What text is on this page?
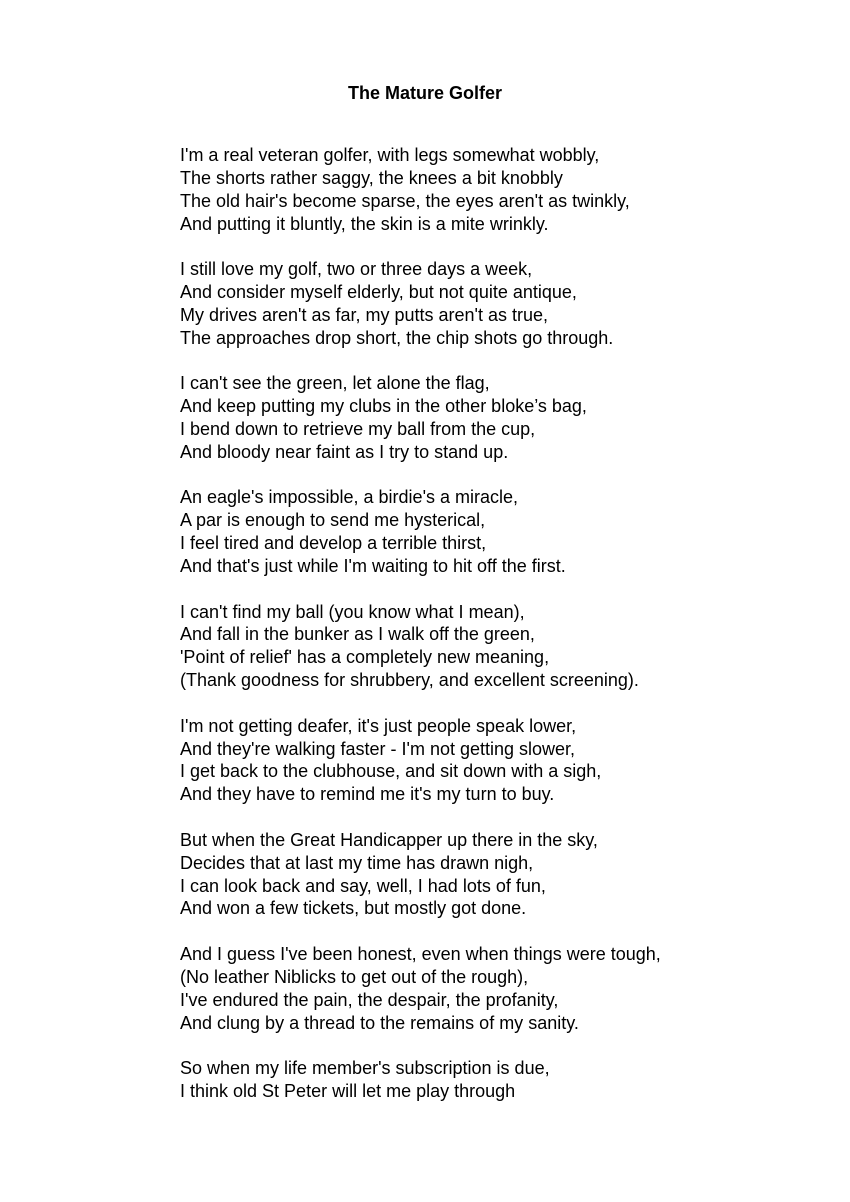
The Mature Golfer
I'm a real veteran golfer, with legs somewhat wobbly,
The shorts rather saggy, the knees a bit knobbly
The old hair's become sparse, the eyes aren't as twinkly,
And putting it bluntly, the skin is a mite wrinkly.
I still love my golf, two or three days a week,
And consider myself elderly, but not quite antique,
My drives aren't as far, my putts aren't as true,
The approaches drop short, the chip shots go through.
I can't see the green, let alone the flag,
And keep putting my clubs in the other bloke’s bag,
I bend down to retrieve my ball from the cup,
And bloody near faint as I try to stand up.
An eagle's impossible, a birdie's a miracle,
A par is enough to send me hysterical,
I feel tired and develop a terrible thirst,
And that's just while I'm waiting to hit off the first.
I can't find my ball (you know what I mean),
And fall in the bunker as I walk off the green,
'Point of relief' has a completely new meaning,
(Thank goodness for shrubbery, and excellent screening).
I'm not getting deafer, it's just people speak lower,
And they're walking faster - I'm not getting slower,
I get back to the clubhouse, and sit down with a sigh,
And they have to remind me it's my turn to buy.
But when the Great Handicapper up there in the sky,
Decides that at last my time has drawn nigh,
I can look back and say, well, I had lots of fun,
And won a few tickets, but mostly got done.
And I guess I've been honest, even when things were tough,
(No leather Niblicks to get out of the rough),
I've endured the pain, the despair, the profanity,
And clung by a thread to the remains of my sanity.
So when my life member's subscription is due,
I think old St Peter will let me play through
